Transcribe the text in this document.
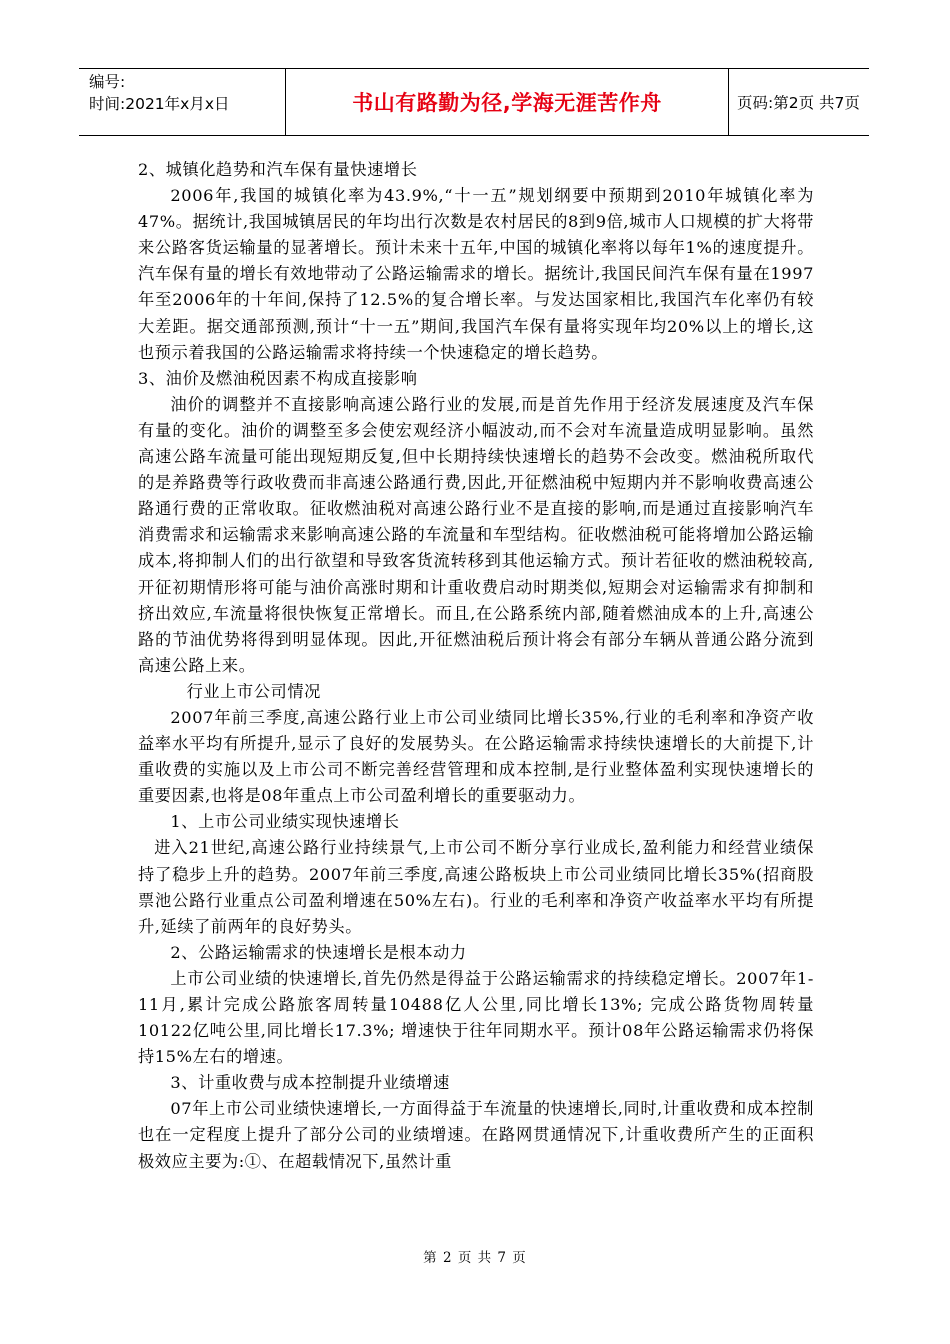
编号:
时间:2021年x月x日	书山有路勤为径,学海无涯苦作舟	页码:第2页 共7页

2、城镇化趋势和汽车保有量快速增长

2006年,我国的城镇化率为43.9%,“十一五”规划纲要中预期到2010年城镇化率为47%。据统计,我国城镇居民的年均出行次数是农村居民的8到9倍,城市人口规模的扩大将带来公路客货运输量的显著增长。预计未来十五年,中国的城镇化率将以每年1%的速度提升。汽车保有量的增长有效地带动了公路运输需求的增长。据统计,我国民间汽车保有量在1997年至2006年的十年间,保持了12.5%的复合增长率。与发达国家相比,我国汽车化率仍有较大差距。据交通部预测,预计“十一五”期间,我国汽车保有量将实现年均20%以上的增长,这也预示着我国的公路运输需求将持续一个快速稳定的增长趋势。

3、油价及燃油税因素不构成直接影响

油价的调整并不直接影响高速公路行业的发展,而是首先作用于经济发展速度及汽车保有量的变化。油价的调整至多会使宏观经济小幅波动,而不会对车流量造成明显影响。虽然高速公路车流量可能出现短期反复,但中长期持续快速增长的趋势不会改变。燃油税所取代的是养路费等行政收费而非高速公路通行费,因此,开征燃油税中短期内并不影响收费高速公路通行费的正常收取。征收燃油税对高速公路行业不是直接的影响,而是通过直接影响汽车消费需求和运输需求来影响高速公路的车流量和车型结构。征收燃油税可能将增加公路运输成本,将抑制人们的出行欲望和导致客货流转移到其他运输方式。预计若征收的燃油税较高,开征初期情形将可能与油价高涨时期和计重收费启动时期类似,短期会对运输需求有抑制和挤出效应,车流量将很快恢复正常增长。而且,在公路系统内部,随着燃油成本的上升,高速公路的节油优势将得到明显体现。因此,开征燃油税后预计将会有部分车辆从普通公路分流到高速公路上来。

行业上市公司情况

2007年前三季度,高速公路行业上市公司业绩同比增长35%,行业的毛利率和净资产收益率水平均有所提升,显示了良好的发展势头。在公路运输需求持续快速增长的大前提下,计重收费的实施以及上市公司不断完善经营管理和成本控制,是行业整体盈利实现快速增长的重要因素,也将是08年重点上市公司盈利增长的重要驱动力。

1、上市公司业绩实现快速增长

进入21世纪,高速公路行业持续景气,上市公司不断分享行业成长,盈利能力和经营业绩保持了稳步上升的趋势。2007年前三季度,高速公路板块上市公司业绩同比增长35%(招商股票池公路行业重点公司盈利增速在50%左右)。行业的毛利率和净资产收益率水平均有所提升,延续了前两年的良好势头。

2、公路运输需求的快速增长是根本动力

上市公司业绩的快速增长,首先仍然是得益于公路运输需求的持续稳定增长。2007年1-11月,累计完成公路旅客周转量10488亿人公里,同比增长13%; 完成公路货物周转量10122亿吨公里,同比增长17.3%; 增速快于往年同期水平。预计08年公路运输需求仍将保持15%左右的增速。

3、计重收费与成本控制提升业绩增速

07年上市公司业绩快速增长,一方面得益于车流量的快速增长,同时,计重收费和成本控制也在一定程度上提升了部分公司的业绩增速。在路网贯通情况下,计重收费所产生的正面积极效应主要为:①、在超载情况下,虽然计重

第 2 页 共 7 页
